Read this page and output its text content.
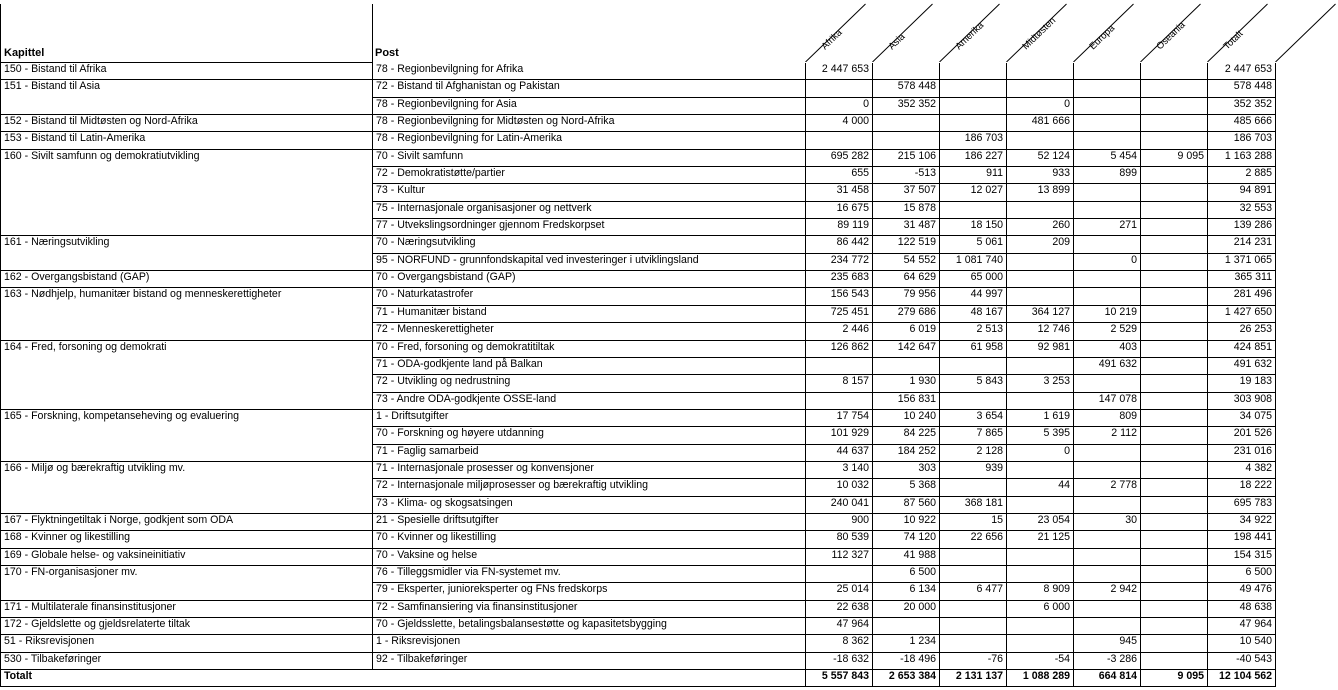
Kapittel	Post
Afrika	Asia	Amerika	Midtøsten	Europa	Oseania	Totalt
150 - Bistand til Afrika	78 - Regionbevilgning for Afrika	2 447 653						2 447 653
151 - Bistand til Asia	72 - Bistand til Afghanistan og Pakistan		578 448					578 448
	78 - Regionbevilgning for Asia	0	352 352		0			352 352
152 - Bistand til Midtøsten og Nord-Afrika	78 - Regionbevilgning for Midtøsten og Nord-Afrika	4 000			481 666			485 666
153 - Bistand til Latin-Amerika	78 - Regionbevilgning for Latin-Amerika			186 703				186 703
160 - Sivilt samfunn og demokratiutvikling	70 - Sivilt samfunn	695 282	215 106	186 227	52 124	5 454	9 095	1 163 288
	72 - Demokratistøtte/partier	655	-513	911	933	899		2 885
	73 - Kultur	31 458	37 507	12 027	13 899			94 891
	75 - Internasjonale organisasjoner og nettverk	16 675	15 878					32 553
	77 - Utvekslingsordninger gjennom Fredskorpset	89 119	31 487	18 150	260	271		139 286
161 - Næringsutvikling	70 - Næringsutvikling	86 442	122 519	5 061	209			214 231
	95 - NORFUND - grunnfondskapital ved investeringer i utviklingsland	234 772	54 552	1 081 740		0		1 371 065
162 - Overgangsbistand (GAP)	70 - Overgangsbistand (GAP)	235 683	64 629	65 000				365 311
163 - Nødhjelp, humanitær bistand og menneskerettigheter	70 - Naturkatastrofer	156 543	79 956	44 997				281 496
	71 - Humanitær bistand	725 451	279 686	48 167	364 127	10 219		1 427 650
	72 - Menneskerettigheter	2 446	6 019	2 513	12 746	2 529		26 253
164 - Fred, forsoning og demokrati	70 - Fred, forsoning og demokratitiltak	126 862	142 647	61 958	92 981	403		424 851
	71 - ODA-godkjente land på Balkan					491 632		491 632
	72 - Utvikling og nedrustning	8 157	1 930	5 843	3 253			19 183
	73 - Andre ODA-godkjente OSSE-land		156 831			147 078		303 908
165 - Forskning, kompetanseheving og evaluering	1 - Driftsutgifter	17 754	10 240	3 654	1 619	809		34 075
	70 - Forskning og høyere utdanning	101 929	84 225	7 865	5 395	2 112		201 526
	71 - Faglig samarbeid	44 637	184 252	2 128	0			231 016
166 - Miljø og bærekraftig utvikling mv.	71 - Internasjonale prosesser og konvensjoner	3 140	303	939				4 382
	72 - Internasjonale miljøprosesser og bærekraftig utvikling	10 032	5 368		44	2 778		18 222
	73 - Klima- og skogsatsingen	240 041	87 560	368 181				695 783
167 - Flyktningetiltak i Norge, godkjent som ODA	21 - Spesielle driftsutgifter	900	10 922	15	23 054	30		34 922
168 - Kvinner og likestilling	70 - Kvinner og likestilling	80 539	74 120	22 656	21 125			198 441
169 - Globale helse- og vaksineinitiativ	70 - Vaksine og helse	112 327	41 988					154 315
170 - FN-organisasjoner mv.	76 - Tilleggsmidler via FN-systemet mv.		6 500					6 500
	79 - Eksperter, junioreksperter og FNs fredskorps	25 014	6 134	6 477	8 909	2 942		49 476
171 - Multilaterale finansinstitusjoner	72 - Samfinansiering via finansinstitusjoner	22 638	20 000		6 000			48 638
172 - Gjeldslette og gjeldsrelaterte tiltak	70 - Gjeldsslette, betalingsbalansestøtte og kapasitetsbygging	47 964						47 964
51 - Riksrevisjonen	1 - Riksrevisjonen	8 362	1 234			945		10 540
530 - Tilbakeføringer	92 - Tilbakeføringer	-18 632	-18 496	-76	-54	-3 286		-40 543
Totalt		5 557 843	2 653 384	2 131 137	1 088 289	664 814	9 095	12 104 562
